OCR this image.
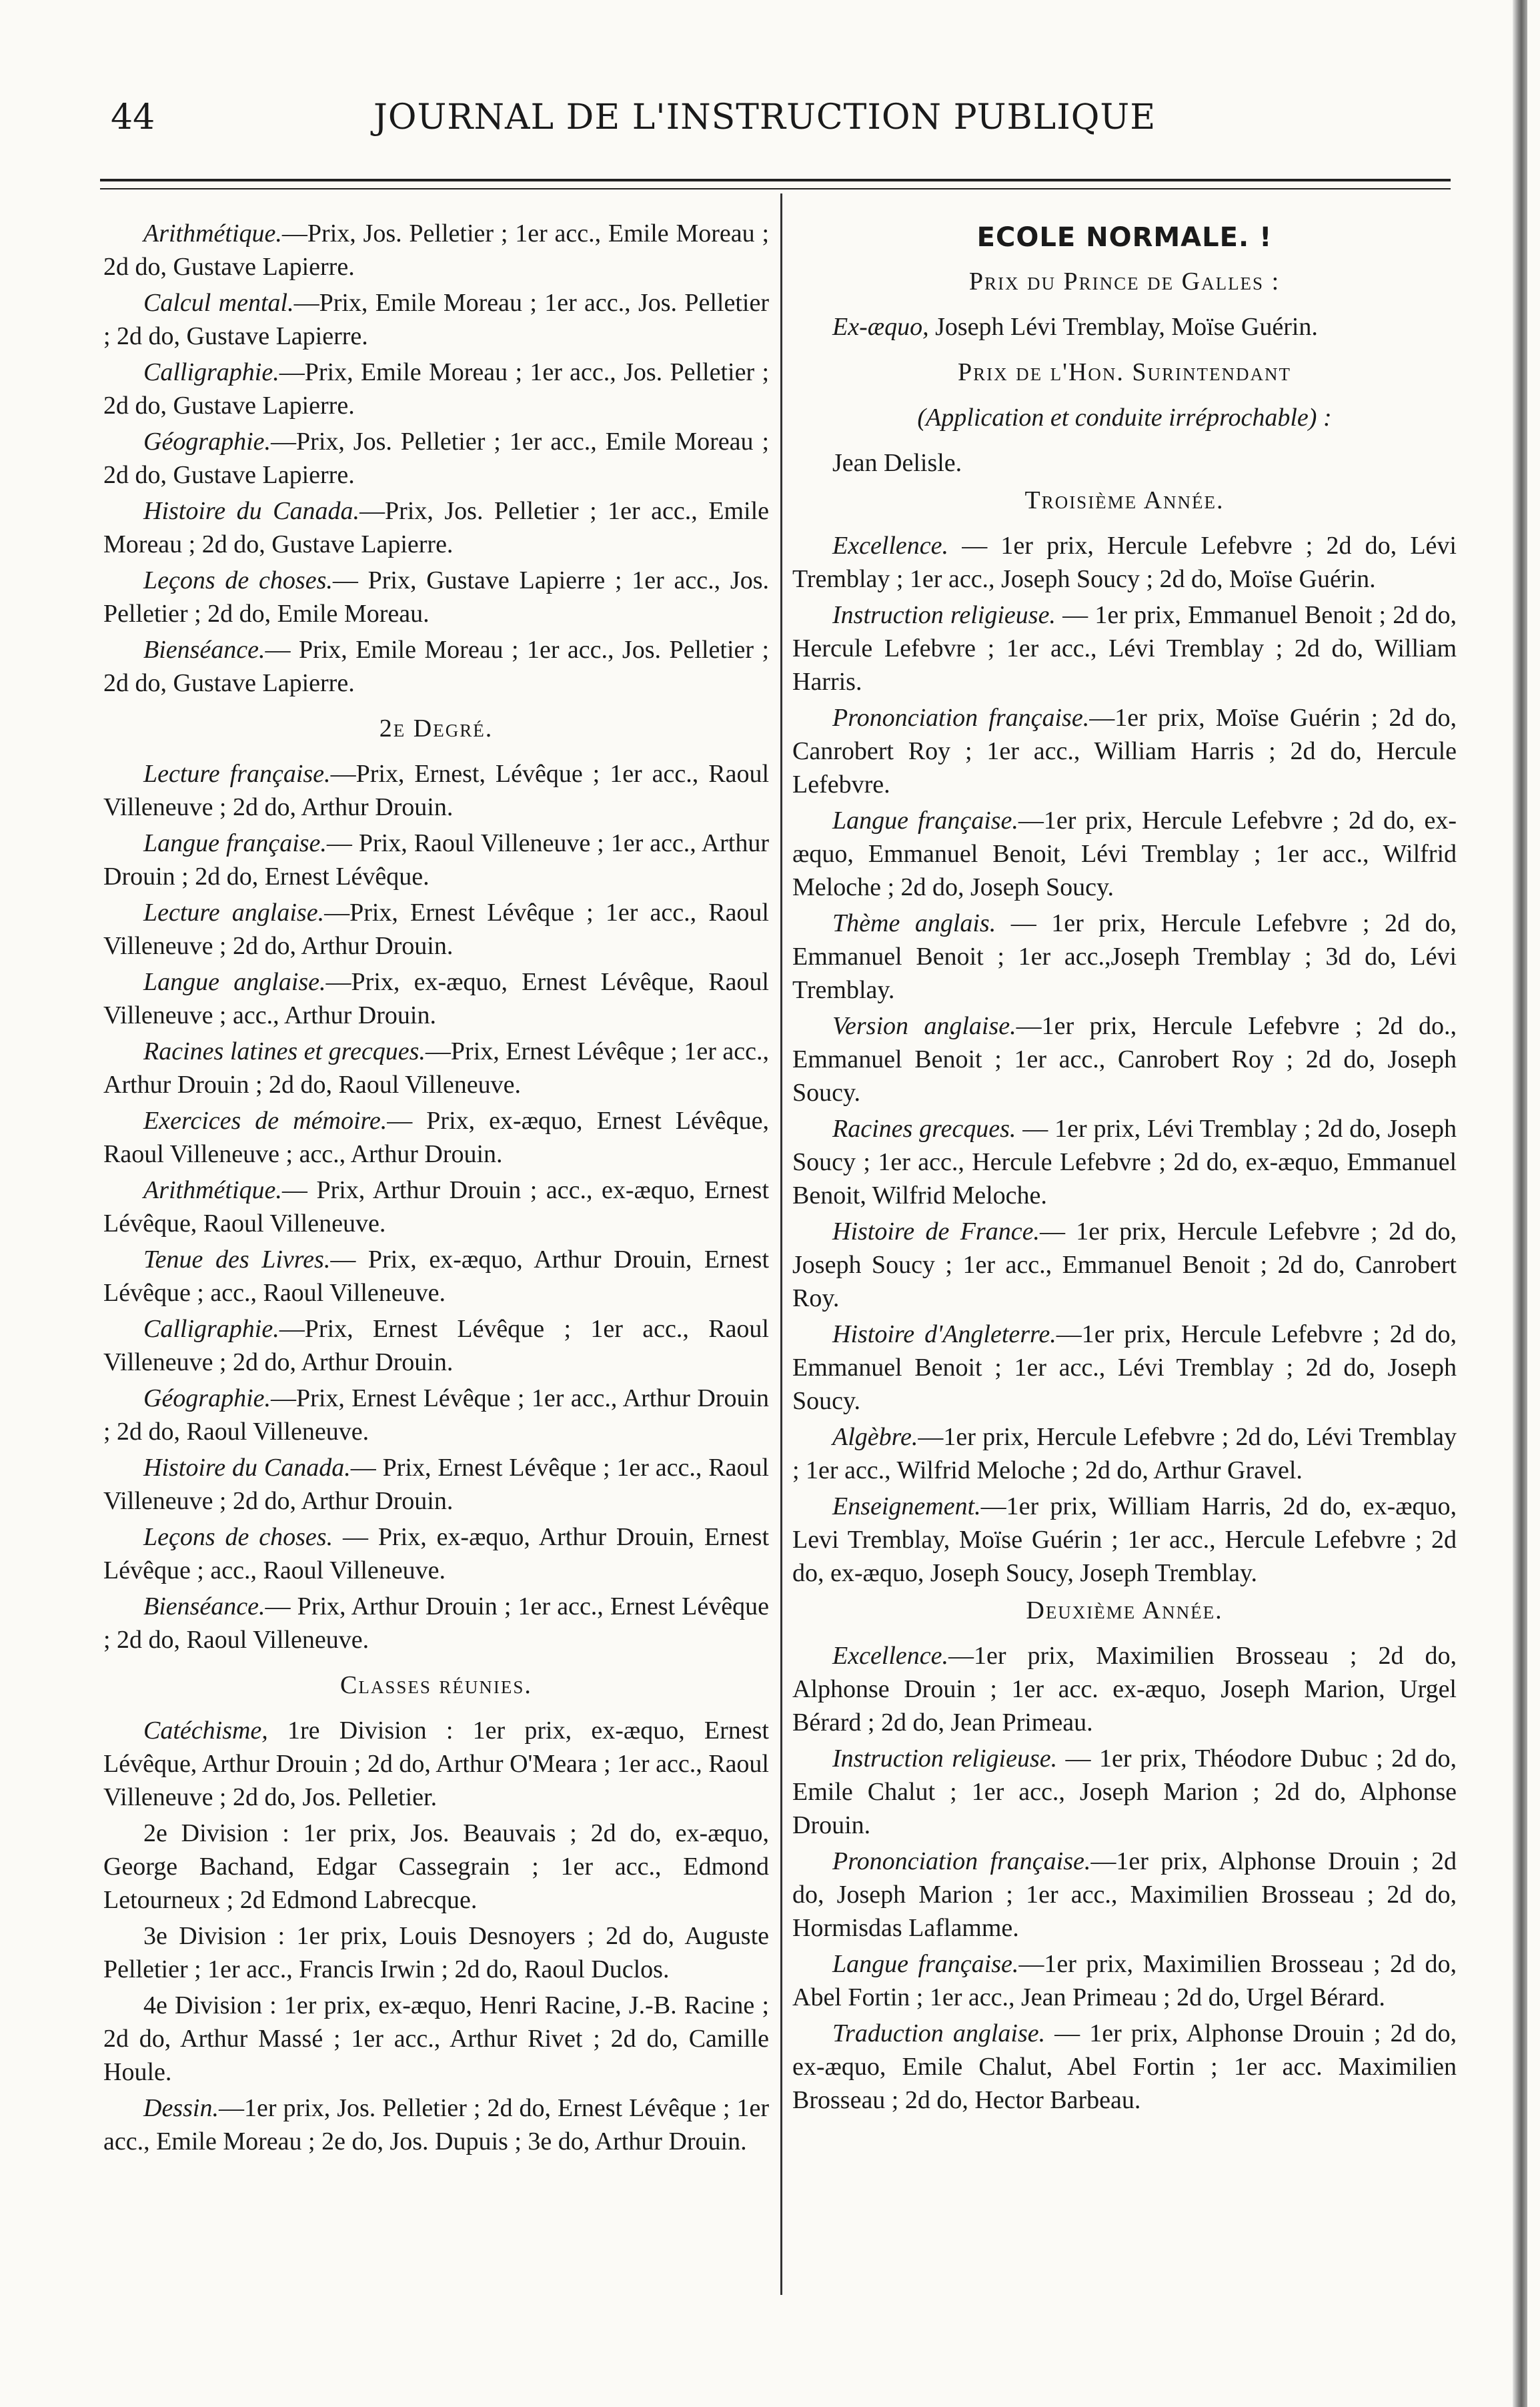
44	JOURNAL DE L'INSTRUCTION PUBLIQUE

Arithmétique.—Prix, Jos. Pelletier ; 1er acc., Emile Moreau ; 2d do, Gustave Lapierre.

Calcul mental.—Prix, Emile Moreau ; 1er acc., Jos. Pelletier ; 2d do, Gustave Lapierre.

Calligraphie.—Prix, Emile Moreau ; 1er acc., Jos. Pelletier ; 2d do, Gustave Lapierre.

Géographie.—Prix, Jos. Pelletier ; 1er acc., Emile Moreau ; 2d do, Gustave Lapierre.

Histoire du Canada.—Prix, Jos. Pelletier ; 1er acc., Emile Moreau ; 2d do, Gustave Lapierre.

Leçons de choses.— Prix, Gustave Lapierre ; 1er acc., Jos. Pelletier ; 2d do, Emile Moreau.

Bienséance.— Prix, Emile Moreau ; 1er acc., Jos. Pelletier ; 2d do, Gustave Lapierre.

2e Degré.

Lecture française.—Prix, Ernest, Lévêque ; 1er acc., Raoul Villeneuve ; 2d do, Arthur Drouin.

Langue française.— Prix, Raoul Villeneuve ; 1er acc., Arthur Drouin ; 2d do, Ernest Lévêque.

Lecture anglaise.—Prix, Ernest Lévêque ; 1er acc., Raoul Villeneuve ; 2d do, Arthur Drouin.

Langue anglaise.—Prix, ex-æquo, Ernest Lévêque, Raoul Villeneuve ; acc., Arthur Drouin.

Racines latines et grecques.—Prix, Ernest Lévêque ; 1er acc., Arthur Drouin ; 2d do, Raoul Villeneuve.

Exercices de mémoire.— Prix, ex-æquo, Ernest Lévêque, Raoul Villeneuve ; acc., Arthur Drouin.

Arithmétique.— Prix, Arthur Drouin ; acc., ex-æquo, Ernest Lévêque, Raoul Villeneuve.

Tenue des Livres.— Prix, ex-æquo, Arthur Drouin, Ernest Lévêque ; acc., Raoul Villeneuve.

Calligraphie.—Prix, Ernest Lévêque ; 1er acc., Raoul Villeneuve ; 2d do, Arthur Drouin.

Géographie.—Prix, Ernest Lévêque ; 1er acc., Arthur Drouin ; 2d do, Raoul Villeneuve.

Histoire du Canada.— Prix, Ernest Lévêque ; 1er acc., Raoul Villeneuve ; 2d do, Arthur Drouin.

Leçons de choses. — Prix, ex-æquo, Arthur Drouin, Ernest Lévêque ; acc., Raoul Villeneuve.

Bienséance.— Prix, Arthur Drouin ; 1er acc., Ernest Lévêque ; 2d do, Raoul Villeneuve.

Classes réunies.

Catéchisme, 1re Division : 1er prix, ex-æquo, Ernest Lévêque, Arthur Drouin ; 2d do, Arthur O'Meara ; 1er acc., Raoul Villeneuve ; 2d do, Jos. Pelletier.

2e Division : 1er prix, Jos. Beauvais ; 2d do, ex-æquo, George Bachand, Edgar Cassegrain ; 1er acc., Edmond Letourneux ; 2d Edmond Labrecque.

3e Division : 1er prix, Louis Desnoyers ; 2d do, Auguste Pelletier ; 1er acc., Francis Irwin ; 2d do, Raoul Duclos.

4e Division : 1er prix, ex-æquo, Henri Racine, J.-B. Racine ; 2d do, Arthur Massé ; 1er acc., Arthur Rivet ; 2d do, Camille Houle.

Dessin.—1er prix, Jos. Pelletier ; 2d do, Ernest Lévêque ; 1er acc., Emile Moreau ; 2e do, Jos. Dupuis ; 3e do, Arthur Drouin.

ECOLE NORMALE. !

Prix du Prince de Galles :

Ex-æquo, Joseph Lévi Tremblay, Moïse Guérin.

Prix de l'Hon. Surintendant

(Application et conduite irréprochable) :

Jean Delisle.

Troisième Année.

Excellence. — 1er prix, Hercule Lefebvre ; 2d do, Lévi Tremblay ; 1er acc., Joseph Soucy ; 2d do, Moïse Guérin.

Instruction religieuse. — 1er prix, Emmanuel Benoit ; 2d do, Hercule Lefebvre ; 1er acc., Lévi Tremblay ; 2d do, William Harris.

Prononciation française.—1er prix, Moïse Guérin ; 2d do, Canrobert Roy ; 1er acc., William Harris ; 2d do, Hercule Lefebvre.

Langue française.—1er prix, Hercule Lefebvre ; 2d do, ex-æquo, Emmanuel Benoit, Lévi Tremblay ; 1er acc., Wilfrid Meloche ; 2d do, Joseph Soucy.

Thème anglais. — 1er prix, Hercule Lefebvre ; 2d do, Emmanuel Benoit ; 1er acc.,Joseph Tremblay ; 3d do, Lévi Tremblay.

Version anglaise.—1er prix, Hercule Lefebvre ; 2d do., Emmanuel Benoit ; 1er acc., Canrobert Roy ; 2d do, Joseph Soucy.

Racines grecques. — 1er prix, Lévi Tremblay ; 2d do, Joseph Soucy ; 1er acc., Hercule Lefebvre ; 2d do, ex-æquo, Emmanuel Benoit, Wilfrid Meloche.

Histoire de France.— 1er prix, Hercule Lefebvre ; 2d do, Joseph Soucy ; 1er acc., Emmanuel Benoit ; 2d do, Canrobert Roy.

Histoire d'Angleterre.—1er prix, Hercule Lefebvre ; 2d do, Emmanuel Benoit ; 1er acc., Lévi Tremblay ; 2d do, Joseph Soucy.

Algèbre.—1er prix, Hercule Lefebvre ; 2d do, Lévi Tremblay ; 1er acc., Wilfrid Meloche ; 2d do, Arthur Gravel.

Enseignement.—1er prix, William Harris, 2d do, ex-æquo, Levi Tremblay, Moïse Guérin ; 1er acc., Hercule Lefebvre ; 2d do, ex-æquo, Joseph Soucy, Joseph Tremblay.

Deuxième Année.

Excellence.—1er prix, Maximilien Brosseau ; 2d do, Alphonse Drouin ; 1er acc. ex-æquo, Joseph Marion, Urgel Bérard ; 2d do, Jean Primeau.

Instruction religieuse. — 1er prix, Théodore Dubuc ; 2d do, Emile Chalut ; 1er acc., Joseph Marion ; 2d do, Alphonse Drouin.

Prononciation française.—1er prix, Alphonse Drouin ; 2d do, Joseph Marion ; 1er acc., Maximilien Brosseau ; 2d do, Hormisdas Laflamme.

Langue française.—1er prix, Maximilien Brosseau ; 2d do, Abel Fortin ; 1er acc., Jean Primeau ; 2d do, Urgel Bérard.

Traduction anglaise. — 1er prix, Alphonse Drouin ; 2d do, ex-æquo, Emile Chalut, Abel Fortin ; 1er acc. Maximilien Brosseau ; 2d do, Hector Barbeau.
